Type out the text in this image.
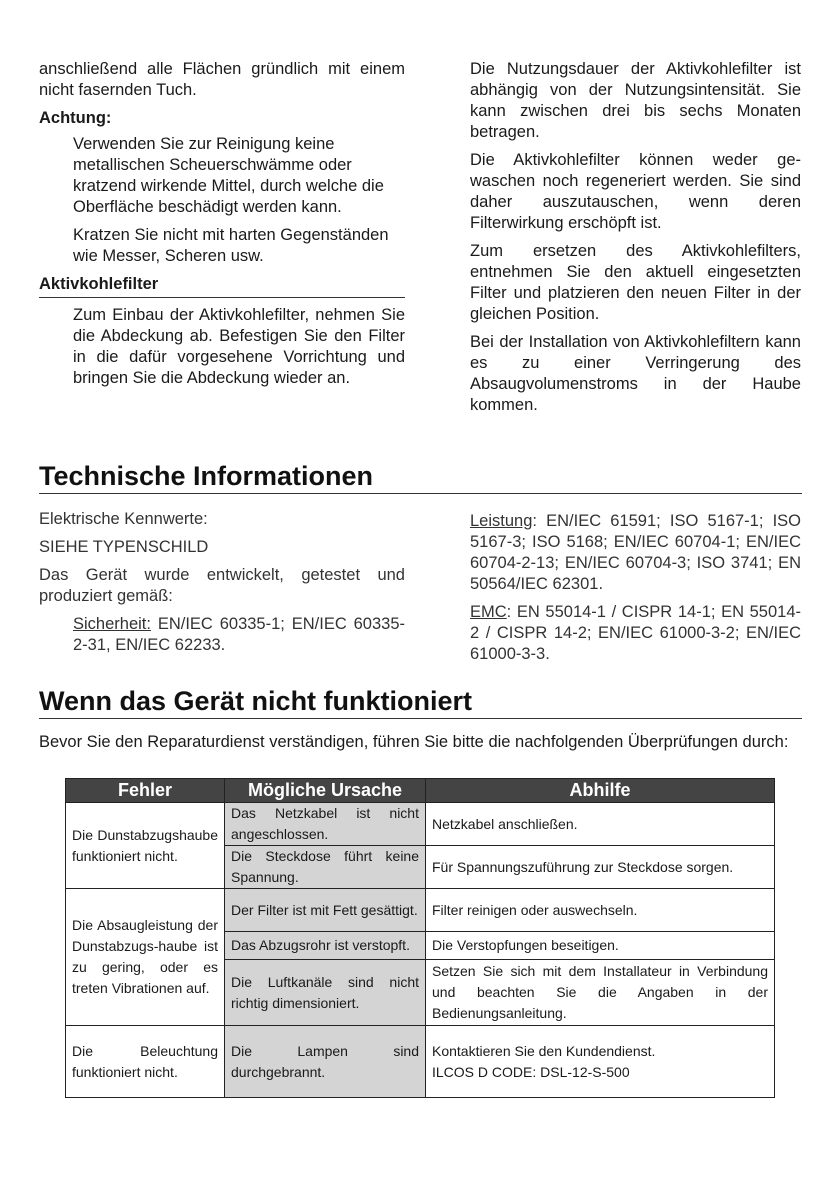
anschließend alle Flächen gründlich mit einem nicht fasernden Tuch.

Achtung:

Verwenden Sie zur Reinigung keine metallischen Scheuerschwämme oder kratzend wirkende Mittel, durch welche die Oberfläche beschädigt werden kann.

Kratzen Sie nicht mit harten Gegenständen wie Messer, Scheren usw.

Aktivkohlefilter

Zum Einbau der Aktivkohlefilter, nehmen Sie die Abdeckung ab. Befestigen Sie den Filter in die dafür vorgesehene Vorrichtung und bringen Sie die Abdeckung wieder an.

Die Nutzungsdauer der Aktivkohlefilter ist abhängig von der Nutzungsintensität. Sie kann zwischen drei bis sechs Monaten betragen.

Die Aktivkohlefilter können weder ge-waschen noch regeneriert werden. Sie sind daher auszutauschen, wenn deren Filterwirkung erschöpft ist.

Zum ersetzen des Aktivkohlefilters, entnehmen Sie den aktuell eingesetzten Filter und platzieren den neuen Filter in der gleichen Position.

Bei der Installation von Aktivkohlefiltern kann es zu einer Verringerung des Absaugvolumenstroms in der Haube kommen.

Technische Informationen

Elektrische Kennwerte:

SIEHE TYPENSCHILD

Das Gerät wurde entwickelt, getestet und produziert gemäß:

Sicherheit: EN/IEC 60335-1; EN/IEC 60335-2-31, EN/IEC 62233.

Leistung: EN/IEC 61591; ISO 5167-1; ISO 5167-3; ISO 5168; EN/IEC 60704-1; EN/IEC 60704-2-13; EN/IEC 60704-3; ISO 3741; EN 50564/IEC 62301.

EMC: EN 55014-1 / CISPR 14-1; EN 55014-2 / CISPR 14-2; EN/IEC 61000-3-2; EN/IEC 61000-3-3.

Wenn das Gerät nicht funktioniert
Bevor Sie den Reparaturdienst verständigen, führen Sie bitte die nachfolgenden Überprüfungen durch:
Fehler	Mögliche Ursache	Abhilfe
Die Dunstabzugshaube funktioniert nicht.	Das Netzkabel ist nicht angeschlossen.	Netzkabel anschließen.
	Die Steckdose führt keine Spannung.	Für Spannungszuführung zur Steckdose sorgen.
Die Absaugleistung der Dunstabzugs-haube ist zu gering, oder es treten Vibrationen auf.	Der Filter ist mit Fett gesättigt.	Filter reinigen oder auswechseln.
	Das Abzugsrohr ist verstopft.	Die Verstopfungen beseitigen.
	Die Luftkanäle sind nicht richtig dimensioniert.	Setzen Sie sich mit dem Installateur in Verbindung und beachten Sie die Angaben in der Bedienungsanleitung.
Die Beleuchtung funktioniert nicht.	Die Lampen sind durchgebrannt.	Kontaktieren Sie den Kundendienst.
ILCOS D CODE: DSL-12-S-500
